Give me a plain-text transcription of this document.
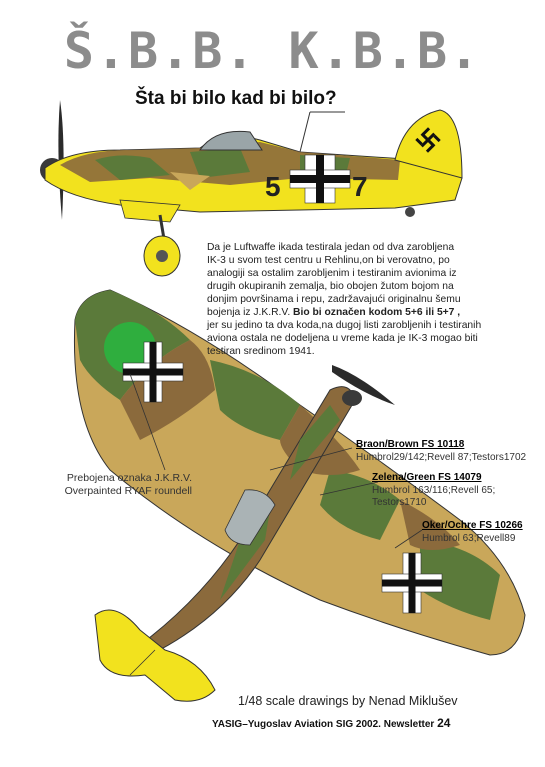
5	7
Š.B.B. K.B.B.
Šta bi bilo kad bi bilo?

Da je Luftwaffe ikada testirala jedan od dva zarobljena

IK-3 u svom test centru u Rehlinu,on bi verovatno, po

analogiji sa ostalim zarobljenim i testiranim avionima iz

drugih okupiranih zemalja, bio obojen žutom bojom na

donjim površinama i repu, zadržavajući originalnu šemu

bojenja iz J.K.R.V. Bio bi označen kodom 5+6 ili 5+7 ,

jer su jedino ta dva koda,na dugoj listi zarobljenih i testiranih

aviona ostala ne dodeljena u vreme kada je IK-3 mogao biti

testiran sredinom 1941.

Braon/Brown FS 10118
Humbrol29/142;Revell 87;Testors1702
Zelena/Green FS 14079
Humbrol 163/116;Revell 65;
Testors1710
Oker/Ochre FS 10266
Humbrol 63;Revell89
Prebojena oznaka J.K.R.V.
Overpainted RYAF roundell
1/48 scale drawings by Nenad Miklušev
YASIG–Yugoslav Aviation SIG 2002. Newsletter 24
